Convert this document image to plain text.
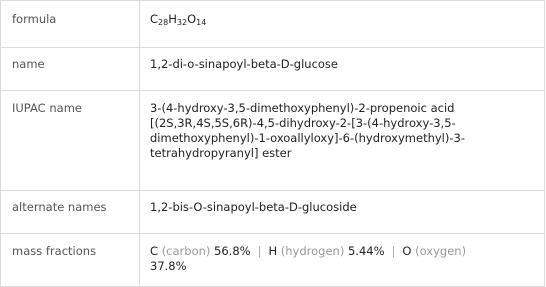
formula	$C_{28}H_{32}O_{14}$
name	1,2-di-o-sinapoyl-beta-D-glucose
IUPAC name	3-(4-hydroxy-3,5-dimethoxyphenyl)-2-propenoic acid
[(2S,3R,4S,5S,6R)-4,5-dihydroxy-2-[3-(4-hydroxy-3,5-
dimethoxyphenyl)-1-oxoallyloxy]-6-(hydroxymethyl)-3-
tetrahydropyranyl] ester

alternate names	1,2-bis-O-sinapoyl-beta-D-glucoside
mass fractions	C (carbon) 56.8% | H (hydrogen) 5.44% | O (oxygen)
37.8%
